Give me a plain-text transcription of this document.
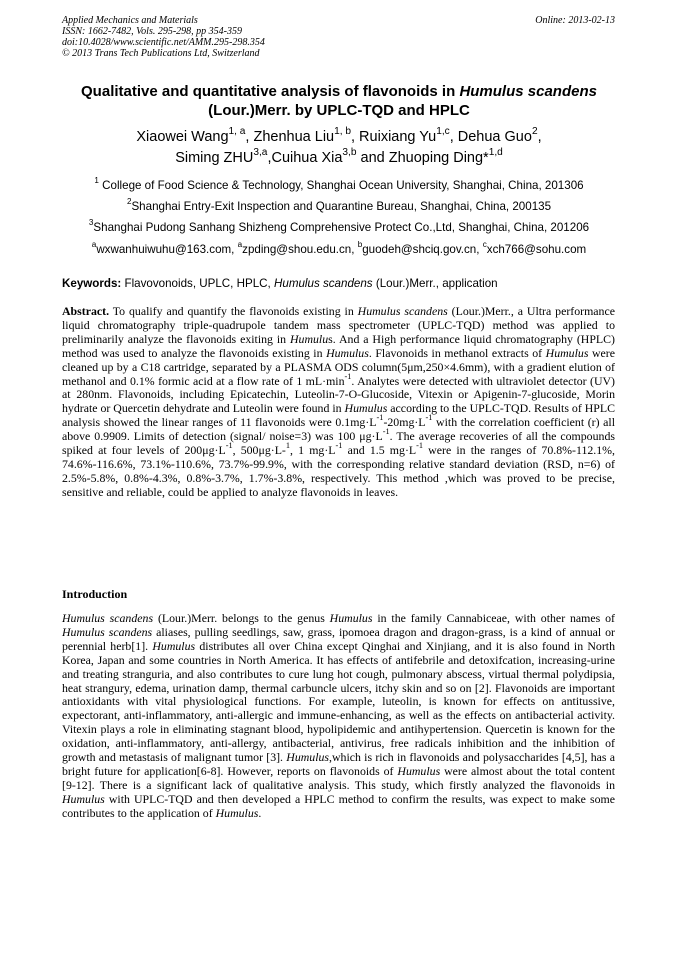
Applied Mechanics and Materials
ISSN: 1662-7482, Vols. 295-298, pp 354-359
doi:10.4028/www.scientific.net/AMM.295-298.354
© 2013 Trans Tech Publications Ltd, Switzerland
Online: 2013-02-13
Qualitative and quantitative analysis of flavonoids in Humulus scandens
(Lour.)Merr. by UPLC-TQD and HPLC
Xiaowei Wang$^{1, a}$, Zhenhua Liu$^{1, b}$, Ruixiang Yu$^{1,c}$, Dehua Guo$^2$,
Siming ZHU$^{3,a}$,Cuihua Xia$^{3,b}$ and Zhuoping Ding*$^{1,d}$
$^1$ College of Food Science & Technology, Shanghai Ocean University, Shanghai, China, 201306
$^2$Shanghai Entry-Exit Inspection and Quarantine Bureau, Shanghai, China, 200135
$^3$Shanghai Pudong Sanhang Shizheng Comprehensive Protect Co.,Ltd, Shanghai, China, 201206
$^a$wxwanhuiwuhu@163.com, $^a$zpding@shou.edu.cn, $^b$guodeh@shciq.gov.cn, $^c$xch766@sohu.com
Keywords: Flavovonoids, UPLC, HPLC, Humulus scandens (Lour.)Merr., application

Abstract. To qualify and quantify the flavonoids existing in Humulus scandens (Lour.)Merr., a Ultra performance liquid chromatography triple-quadrupole tandem mass spectrometer (UPLC-TQD) method was applied to preliminarily analyze the flavonoids exiting in Humulus. And a High performance liquid chromatography (HPLC) method was used to analyze the flavonoids existing in Humulus. Flavonoids in methanol extracts of Humulus were cleaned up by a C18 cartridge, separated by a PLASMA ODS column(5μm,250×4.6mm), with a gradient elution of methanol and 0.1% formic acid at a flow rate of 1 $mL\cdot\min^{-1}$. Analytes were detected with ultraviolet detector (UV) at 280nm. Flavonoids, including Epicatechin, Luteolin-7-O-Glucoside, Vitexin or Apigenin-7-glucoside, Morin hydrate or Quercetin dehydrate and Luteolin were found in Humulus according to the UPLC-TQD. Results of HPLC analysis showed the linear ranges of 11 flavonoids were $0.1mg\cdot L^{-1}-20mg\cdot L^{-1}$ with the correlation coefficient (r) all above 0.9909. Limits of detection (signal/ noise=3) was 100 $\mu g\cdot L^{-1}$. The average recoveries of all the compounds spiked at four levels of $200\mu g\cdot L^{-1}$, 500μg·L-$^1$, 1 $mg\cdot L^{-1}$ and 1.5 $mg\cdot L^{-1}$ were in the ranges of 70.8%-112.1%, 74.6%-116.6%, 73.1%-110.6%, 73.7%-99.9%, with the corresponding relative standard deviation (RSD, n=6) of 2.5%-5.8%, 0.8%-4.3%, 0.8%-3.7%, 1.7%-3.8%, respectively. This method ,which was proved to be precise, sensitive and reliable, could be applied to analyze flavonoids in leaves.

Introduction

Humulus scandens (Lour.)Merr. belongs to the genus Humulus in the family Cannabiceae, with other names of Humulus scandens aliases, pulling seedlings, saw, grass, ipomoea dragon and dragon-grass, is a kind of annual or perennial herb[1]. Humulus distributes all over China except Qinghai and Xinjiang, and it is also found in North Korea, Japan and some countries in North America. It has effects of antifebrile and detoxifcation, increasing-urine and treating stranguria, and also contributes to cure lung hot cough, pulmonary abscess, virtual thermal polydipsia, heat strangury, edema, urination damp, thermal carbuncle ulcers, itchy skin and so on [2]. Flavonoids are important antioxidants with vital physiological functions. For example, luteolin, is known for effects on antitussive, expectorant, anti-inflammatory, anti-allergic and immune-enhancing, as well as the effects on antibacterial activity. Vitexin plays a role in eliminating stagnant blood, hypolipidemic and antihypertension. Quercetin is known for the oxidation, anti-inflammatory, anti-allergy, antibacterial, antivirus, free radicals inhibition and the inhibition of growth and metastasis of malignant tumor [3]. Humulus,which is rich in flavonoids and polysaccharides [4,5], has a bright future for application[6-8]. However, reports on flavonoids of Humulus were almost about the total content [9-12]. There is a significant lack of qualitative analysis. This study, which firstly analyzed the flavonoids in Humulus with UPLC-TQD and then developed a HPLC method to confirm the results, was expect to make some contributes to the application of Humulus.
